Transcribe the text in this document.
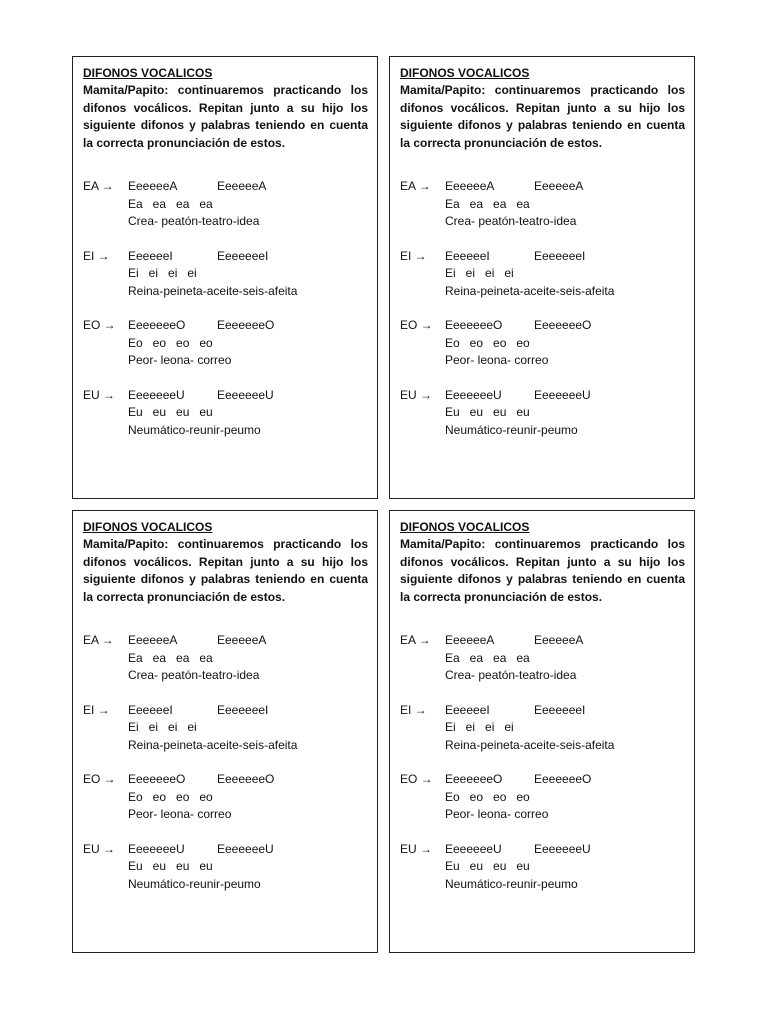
DIFONOS VOCALICOS
Mamita/Papito: continuaremos practicando los difonos vocálicos. Repitan junto a su hijo los siguiente difonos y palabras teniendo en cuenta la correcta pronunciación de estos.
EA → EeeeeeA	EeeeeeA
Ea   ea   ea   ea
Crea- peatón-teatro-idea
EI → EeeeeeI	EeeeeeeI
Ei   ei   ei   ei
Reina-peineta-aceite-seis-afeita
EO → EeeeeeeO	EeeeeeeO
Eo   eo   eo   eo
Peor- leona- correo
EU → EeeeeeeU	EeeeeeeU
Eu   eu   eu   eu
Neumático-reunir-peumo
DIFONOS VOCALICOS
Mamita/Papito: continuaremos practicando los difonos vocálicos. Repitan junto a su hijo los siguiente difonos y palabras teniendo en cuenta la correcta pronunciación de estos.
EA → EeeeeeA	EeeeeeA
Ea   ea   ea   ea
Crea- peatón-teatro-idea
EI → EeeeeeI	EeeeeeeI
Ei   ei   ei   ei
Reina-peineta-aceite-seis-afeita
EO → EeeeeeeO	EeeeeeeO
Eo   eo   eo   eo
Peor- leona- correo
EU → EeeeeeeU	EeeeeeeU
Eu   eu   eu   eu
Neumático-reunir-peumo
DIFONOS VOCALICOS
Mamita/Papito: continuaremos practicando los difonos vocálicos. Repitan junto a su hijo los siguiente difonos y palabras teniendo en cuenta la correcta pronunciación de estos.
EA → EeeeeeA	EeeeeeA
Ea   ea   ea   ea
Crea- peatón-teatro-idea
EI → EeeeeeI	EeeeeeeI
Ei   ei   ei   ei
Reina-peineta-aceite-seis-afeita
EO → EeeeeeeO	EeeeeeeO
Eo   eo   eo   eo
Peor- leona- correo
EU → EeeeeeeU	EeeeeeeU
Eu   eu   eu   eu
Neumático-reunir-peumo
DIFONOS VOCALICOS
Mamita/Papito: continuaremos practicando los difonos vocálicos. Repitan junto a su hijo los siguiente difonos y palabras teniendo en cuenta la correcta pronunciación de estos.
EA → EeeeeeA	EeeeeeA
Ea   ea   ea   ea
Crea- peatón-teatro-idea
EI → EeeeeeI	EeeeeeeI
Ei   ei   ei   ei
Reina-peineta-aceite-seis-afeita
EO → EeeeeeeO	EeeeeeeO
Eo   eo   eo   eo
Peor- leona- correo
EU → EeeeeeeU	EeeeeeeU
Eu   eu   eu   eu
Neumático-reunir-peumo
